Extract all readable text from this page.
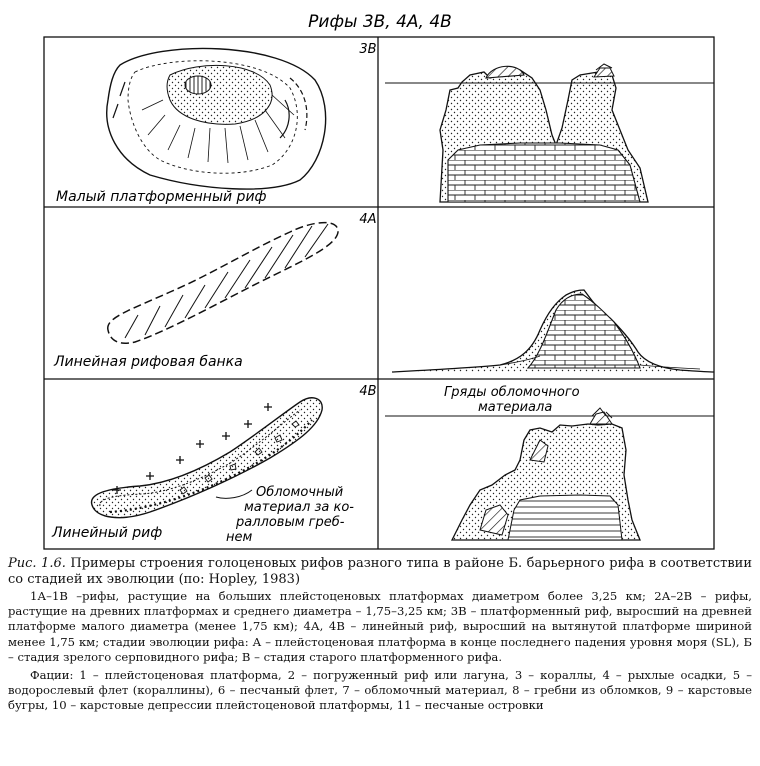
Рифы 3В, 4А, 4В
3В
Малый платформенный риф
4А
Линейная рифовая банка
4В
Обломочный
материал за ко-
ралловым греб-
нем
Линейный риф
Гряды обломочного
материала

Рис. 1.6. Примеры строения голоценовых рифов разного типа в районе Б. барьерного рифа в соответствии со стадией их эволюции (по: Hopley, 1983)

1А–1В –рифы, растущие на больших плейстоценовых платформах диаметром более 3,25 км; 2А–2В – рифы, растущие на древних платформах и среднего диаметра – 1,75–3,25 км; 3В – платформенный риф, выросший на древней платформе малого диаметра (менее 1,75 км); 4А, 4В – линейный риф, выросший на вытянутой платформе шириной менее 1,75 км; стадии эволюции рифа: А – плейстоценовая платформа в конце последнего падения уровня моря (SL), Б – стадия зрелого серповидного рифа; В – стадия старого платформенного рифа.

Фации: 1 – плейстоценовая платформа, 2 – погруженный риф или лагуна, 3 – кораллы, 4 – рыхлые осадки, 5 – водорослевый флет (кораллины), 6 – песчаный флет, 7 – обломочный материал, 8 – гребни из обломков, 9 – карстовые бугры, 10 – карстовые депрессии плейстоценовой платформы, 11 – песчаные островки
